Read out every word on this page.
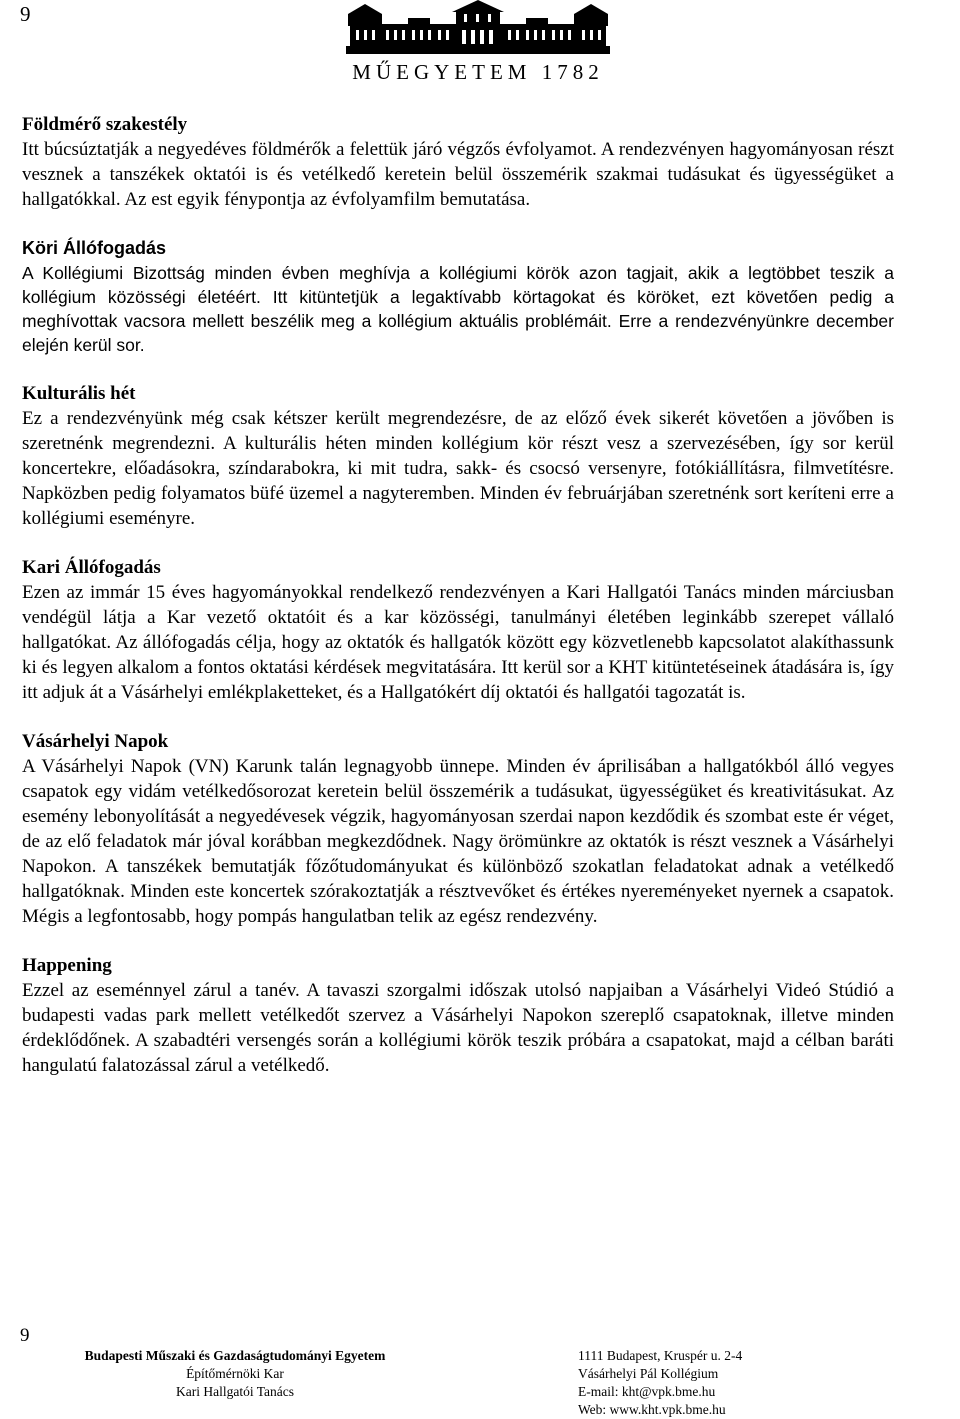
9
MŰEGYETEM 1782
Földmérő szakestély
Itt búcsúztatják a negyedéves földmérők a felettük járó végzős évfolyamot. A rendezvényen hagyományosan részt vesznek a tanszékek oktatói is és vetélkedő keretein belül összemérik szakmai tudásukat és ügyességüket a hallgatókkal. Az est egyik fénypontja az évfolyamfilm bemutatása.
Köri Állófogadás
A Kollégiumi Bizottság minden évben meghívja a kollégiumi körök azon tagjait, akik a legtöbbet teszik a kollégium közösségi életéért. Itt kitüntetjük a legaktívabb körtagokat és köröket, ezt követően pedig a meghívottak vacsora mellett beszélik meg a kollégium aktuális problémáit. Erre a rendezvényünkre december elején kerül sor.
Kulturális hét
Ez a rendezvényünk még csak kétszer került megrendezésre, de az előző évek sikerét követően a jövőben is szeretnénk megrendezni. A kulturális héten minden kollégium kör részt vesz a szervezésében, így sor kerül koncertekre, előadásokra, színdarabokra, ki mit tudra, sakk- és csocsó versenyre, fotókiállításra, filmvetítésre. Napközben pedig folyamatos büfé üzemel a nagyteremben. Minden év februárjában szeretnénk sort keríteni erre a kollégiumi eseményre.
Kari Állófogadás
Ezen az immár 15 éves hagyományokkal rendelkező rendezvényen a Kari Hallgatói Tanács minden márciusban vendégül látja a Kar vezető oktatóit és a kar közösségi, tanulmányi életében leginkább szerepet vállaló hallgatókat. Az állófogadás célja, hogy az oktatók és hallgatók között egy közvetlenebb kapcsolatot alakíthassunk ki és legyen alkalom a fontos oktatási kérdések megvitatására. Itt kerül sor a KHT kitüntetéseinek átadására is, így itt adjuk át a Vásárhelyi emlékplaketteket, és a Hallgatókért díj oktatói és hallgatói tagozatát is.
Vásárhelyi Napok
A Vásárhelyi Napok (VN) Karunk talán legnagyobb ünnepe. Minden év áprilisában a hallgatókból álló vegyes csapatok egy vidám vetélkedősorozat keretein belül összemérik a tudásukat, ügyességüket és kreativitásukat. Az esemény lebonyolítását a negyedévesek végzik, hagyományosan szerdai napon kezdődik és szombat este ér véget, de az elő feladatok már jóval korábban megkezdődnek. Nagy örömünkre az oktatók is részt vesznek a Vásárhelyi Napokon. A tanszékek bemutatják főzőtudományukat és különböző szokatlan feladatokat adnak a vetélkedő hallgatóknak. Minden este koncertek szórakoztatják a résztvevőket és értékes nyereményeket nyernek a csapatok. Mégis a legfontosabb, hogy pompás hangulatban telik az egész rendezvény.
Happening
Ezzel az eseménnyel zárul a tanév. A tavaszi szorgalmi időszak utolsó napjaiban a Vásárhelyi Videó Stúdió a budapesti vadas park mellett vetélkedőt szervez a Vásárhelyi Napokon szereplő csapatoknak, illetve minden érdeklődőnek. A szabadtéri versengés során a kollégiumi körök teszik próbára a csapatokat, majd a célban baráti hangulatú falatozással zárul a vetélkedő.
9
Budapesti Műszaki és Gazdaságtudományi Egyetem
Építőmérnöki Kar
Kari Hallgatói Tanács
1111 Budapest, Kruspér u. 2-4
Vásárhelyi Pál Kollégium
E-mail: kht@vpk.bme.hu
Web: www.kht.vpk.bme.hu
